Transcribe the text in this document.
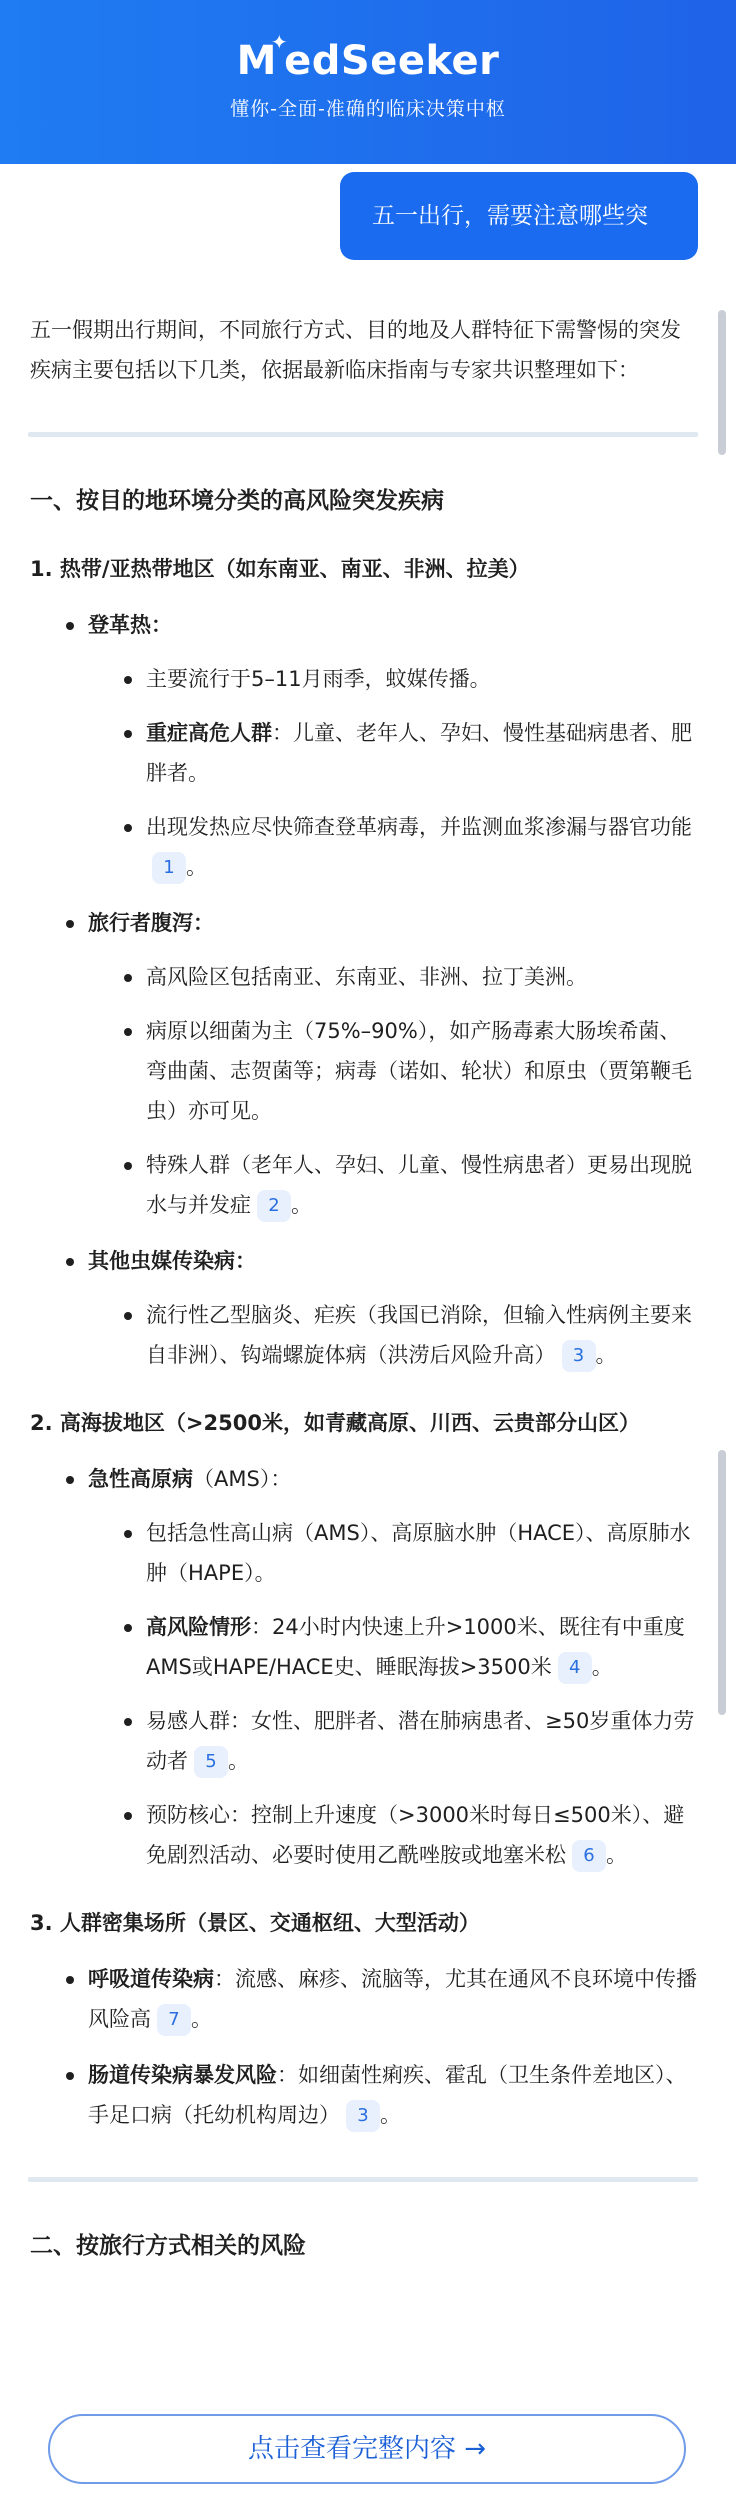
M✦edSeeker
懂你-全面-准确的临床决策中枢
五一出行，需要注意哪些突发疾病?
五一假期出行期间，不同旅行方式、目的地及人群特征下需警惕的突发疾病主要包括以下几类，依据最新临床指南与专家共识整理如下：
一、按目的地环境分类的高风险突发疾病
1. 热带/亚热带地区（如东南亚、南亚、非洲、拉美）
登革热：
主要流行于5–11月雨季，蚊媒传播。
重症高危人群：儿童、老年人、孕妇、慢性基础病患者、肥胖者。
出现发热应尽快筛查登革病毒，并监测血浆渗漏与器官功能1 。
旅行者腹泻：
高风险区包括南亚、东南亚、非洲、拉丁美洲。
病原以细菌为主（75%–90%），如产肠毒素大肠埃希菌、弯曲菌、志贺菌等；病毒（诺如、轮状）和原虫（贾第鞭毛虫）亦可见。
特殊人群（老年人、孕妇、儿童、慢性病患者）更易出现脱水与并发症 2 。
其他虫媒传染病：
流行性乙型脑炎、疟疾（我国已消除，但输入性病例主要来自非洲）、钩端螺旋体病（洪涝后风险升高） 3 。
2. 高海拔地区（>2500米，如青藏高原、川西、云贵部分山区）
急性高原病（AMS）：
包括急性高山病（AMS）、高原脑水肿（HACE）、高原肺水肿（HAPE）。
高风险情形：24小时内快速上升>1000米、既往有中重度AMS或HAPE/HACE史、睡眠海拔>3500米 4 。
易感人群：女性、肥胖者、潜在肺病患者、≥50岁重体力劳动者 5 。
预防核心：控制上升速度（>3000米时每日≤500米）、避免剧烈活动、必要时使用乙酰唑胺或地塞米松 6 。
3. 人群密集场所（景区、交通枢纽、大型活动）
呼吸道传染病：流感、麻疹、流脑等，尤其在通风不良环境中传播风险高 7 。
肠道传染病暴发风险：如细菌性痢疾、霍乱（卫生条件差地区）、手足口病（托幼机构周边） 3 。
二、按旅行方式相关的风险
点击查看完整内容 →
